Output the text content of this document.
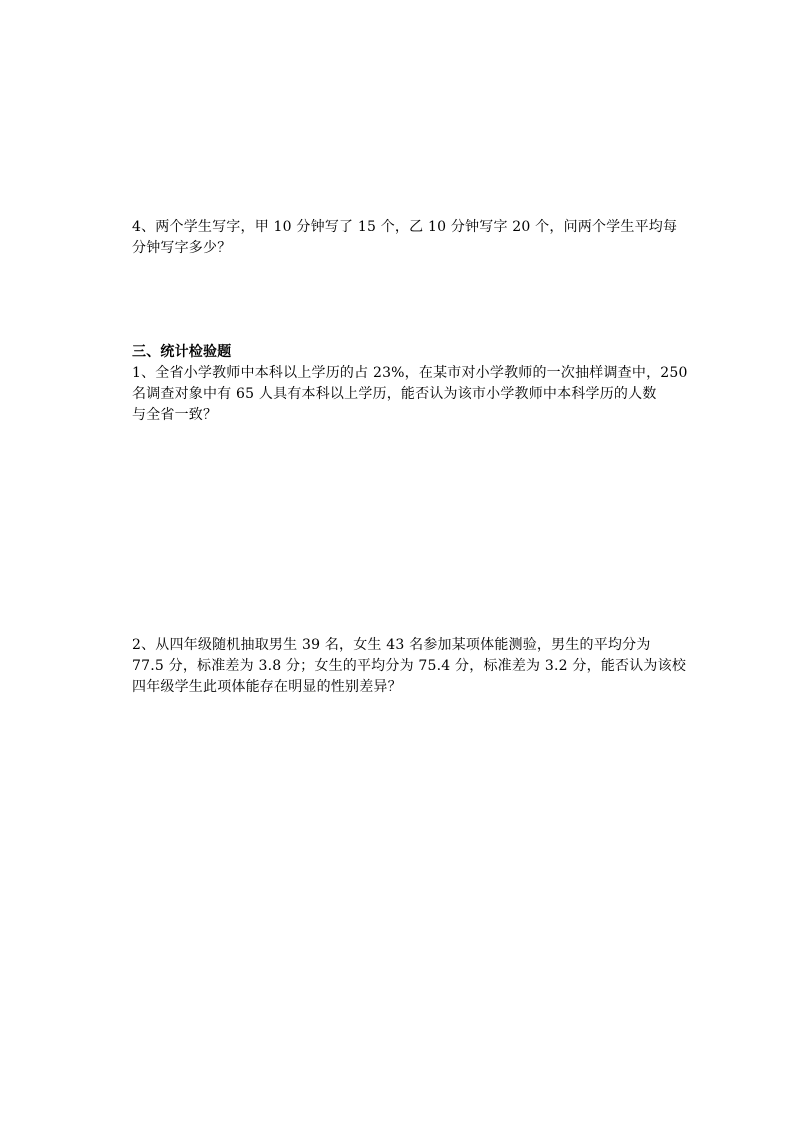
4、两个学生写字，甲 10 分钟写了 15 个，乙 10 分钟写字 20 个，问两个学生平均每
分钟写字多少？
三、统计检验题
1、全省小学教师中本科以上学历的占 23%，在某市对小学教师的一次抽样调查中，250
名调查对象中有 65 人具有本科以上学历，能否认为该市小学教师中本科学历的人数
与全省一致？
2、从四年级随机抽取男生 39 名，女生 43 名参加某项体能测验，男生的平均分为
77.5 分，标准差为 3.8 分；女生的平均分为 75.4 分，标准差为 3.2 分，能否认为该校
四年级学生此项体能存在明显的性别差异？
